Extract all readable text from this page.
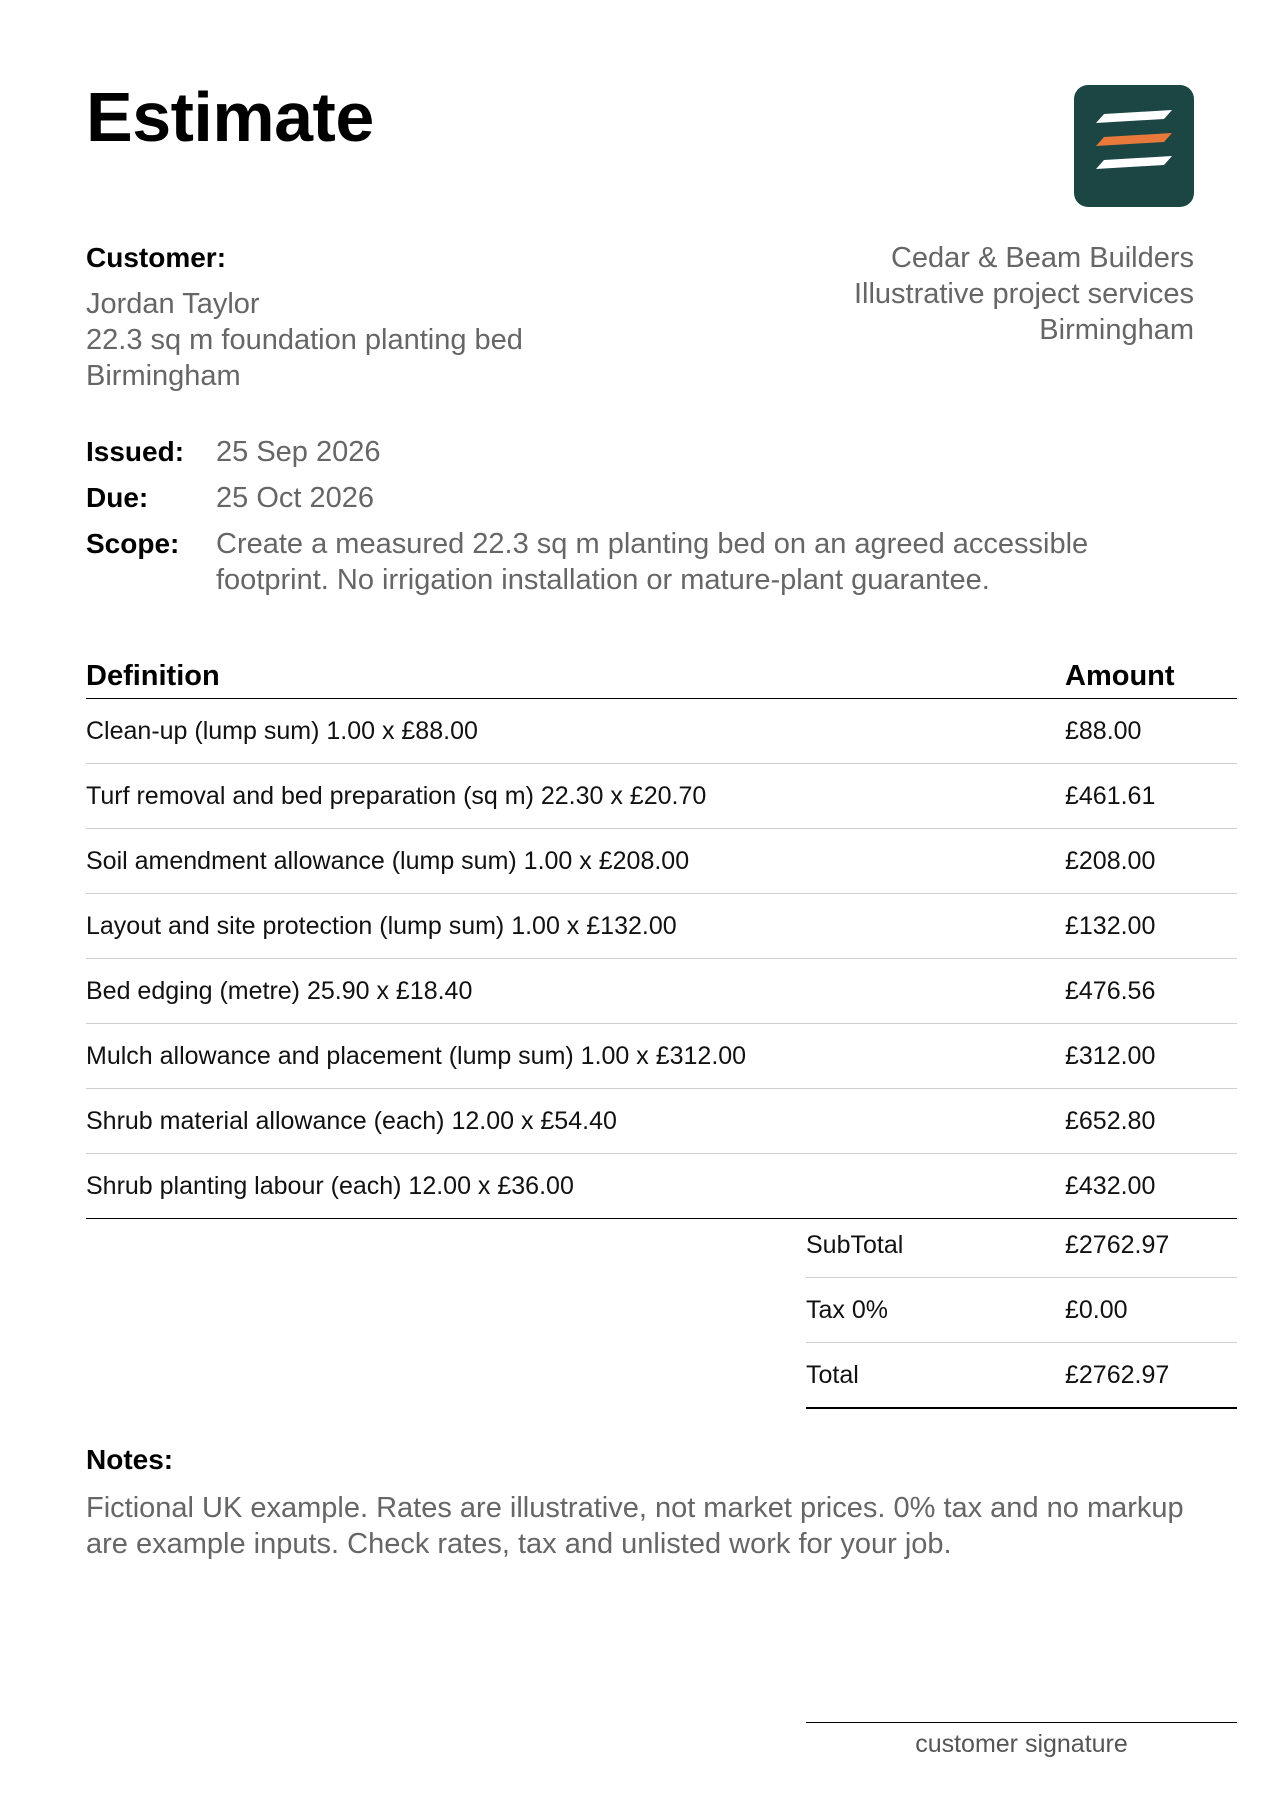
Estimate
Customer:
Jordan Taylor
22.3 sq m foundation planting bed
Birmingham
Cedar & Beam Builders
Illustrative project services
Birmingham
Issued:	25 Sep 2026
Due:	25 Oct 2026
Scope:	Create a measured 22.3 sq m planting bed on an agreed accessible footprint. No irrigation installation or mature-plant guarantee.
Definition	Amount
Clean-up (lump sum) 1.00 x £88.00	£88.00
Turf removal and bed preparation (sq m) 22.30 x £20.70	£461.61
Soil amendment allowance (lump sum) 1.00 x £208.00	£208.00
Layout and site protection (lump sum) 1.00 x £132.00	£132.00
Bed edging (metre) 25.90 x £18.40	£476.56
Mulch allowance and placement (lump sum) 1.00 x £312.00	£312.00
Shrub material allowance (each) 12.00 x £54.40	£652.80
Shrub planting labour (each) 12.00 x £36.00	£432.00
SubTotal	£2762.97
Tax 0%	£0.00
Total	£2762.97
Notes:
Fictional UK example. Rates are illustrative, not market prices. 0% tax and no markup are example inputs. Check rates, tax and unlisted work for your job.
customer signature
